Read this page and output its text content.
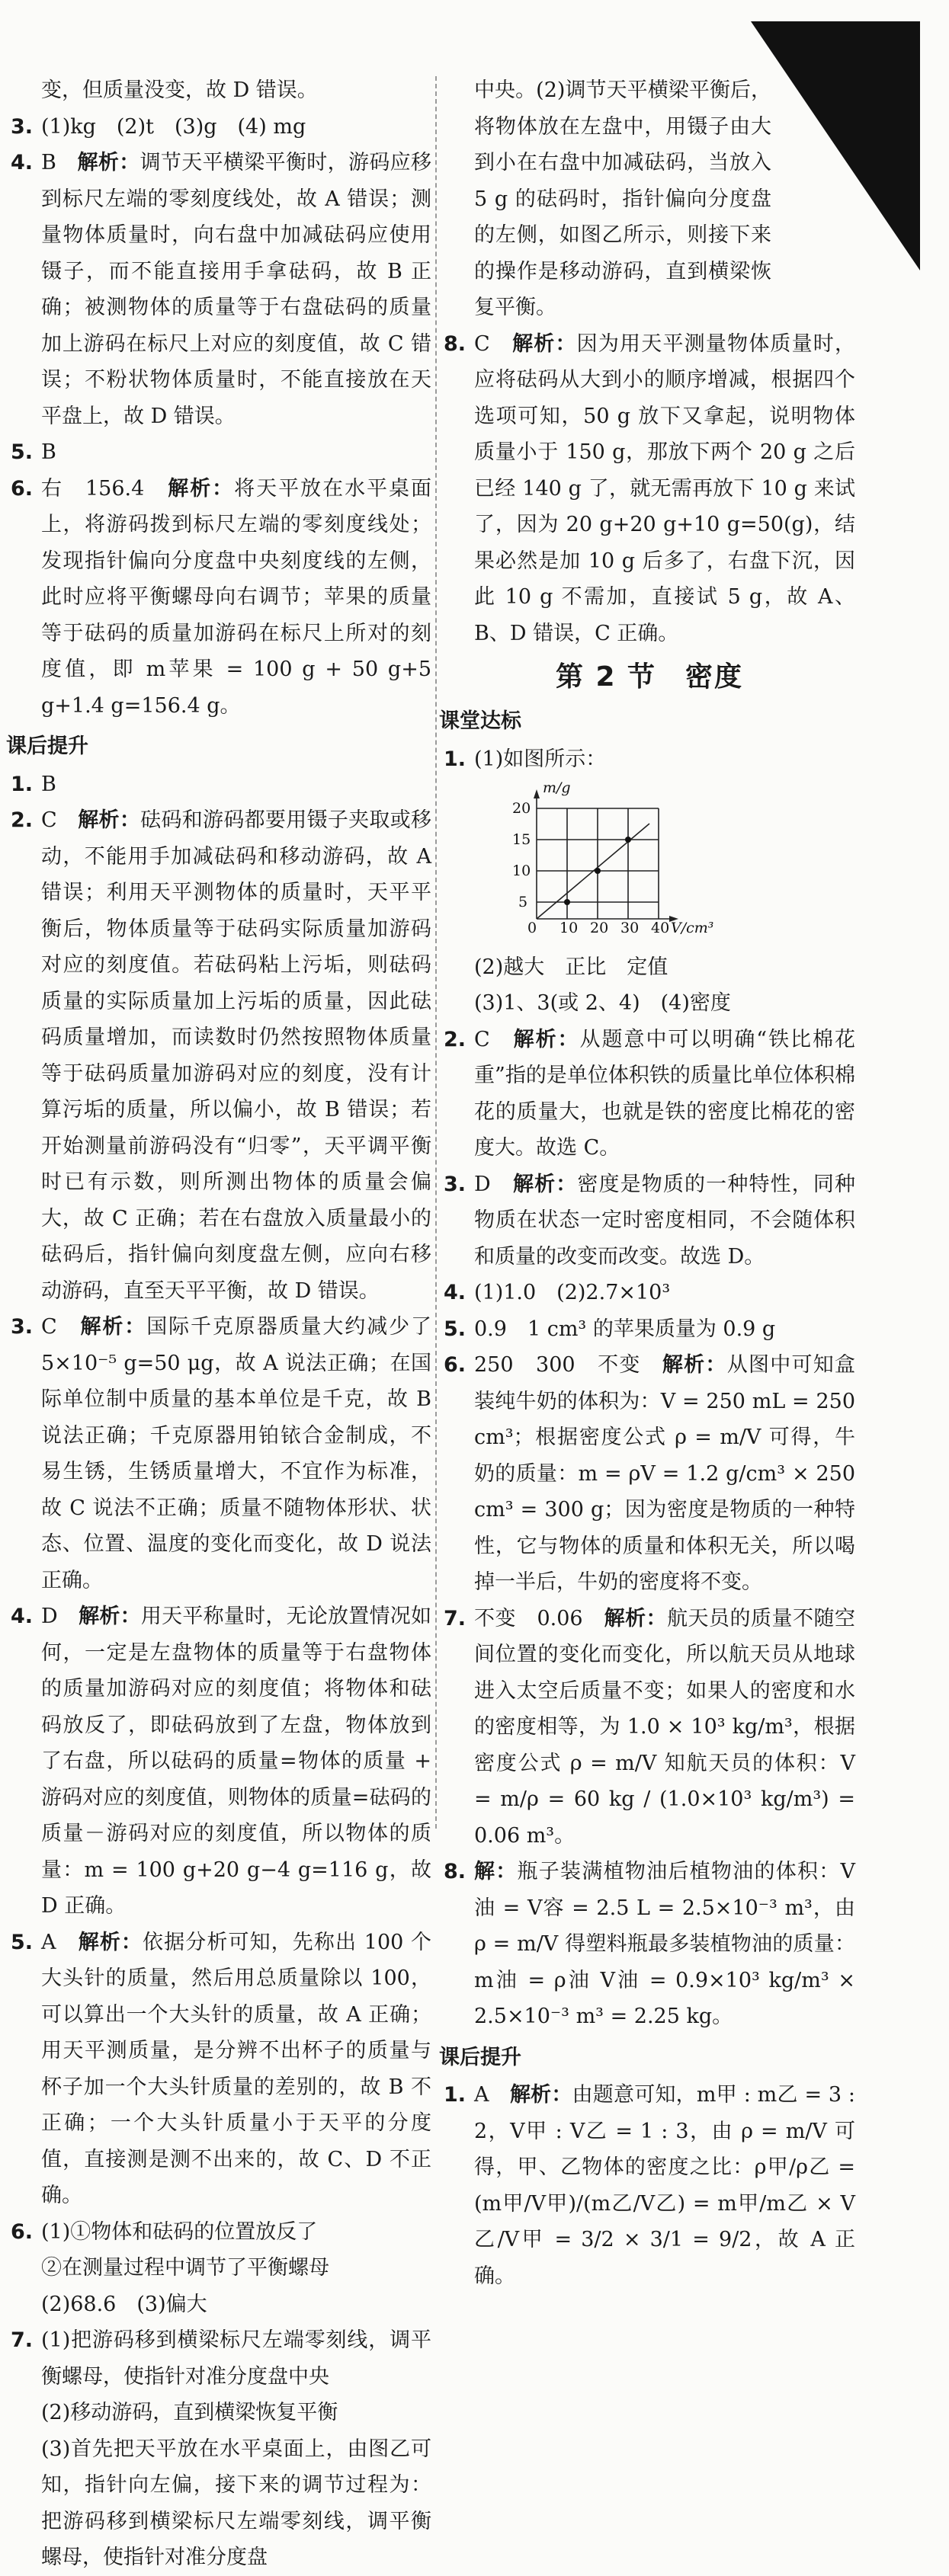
变，但质量没变，故 D 错误。
3. (1)kg　(2)t　(3)g　(4) mg
4. B　解析：调节天平横梁平衡时，游码应移到标尺左端的零刻度线处，故 A 错误；测量物体质量时，向右盘中加减砝码应使用镊子，而不能直接用手拿砝码，故 B 正确；被测物体的质量等于右盘砝码的质量加上游码在标尺上对应的刻度值，故 C 错误；不粉状物体质量时，不能直接放在天平盘上，故 D 错误。
5. B
6. 右　156.4　解析：将天平放在水平桌面上，将游码拨到标尺左端的零刻度线处；发现指针偏向分度盘中央刻度线的左侧，此时应将平衡螺母向右调节；苹果的质量等于砝码的质量加游码在标尺上所对的刻度值，即 m苹果 = 100 g + 50 g+5 g+1.4 g=156.4 g。
课后提升
1. B
2. C　解析：砝码和游码都要用镊子夹取或移动，不能用手加减砝码和移动游码，故 A 错误；利用天平测物体的质量时，天平平衡后，物体质量等于砝码实际质量加游码对应的刻度值。若砝码粘上污垢，则砝码质量的实际质量加上污垢的质量，因此砝码质量增加，而读数时仍然按照物体质量等于砝码质量加游码对应的刻度，没有计算污垢的质量，所以偏小，故 B 错误；若开始测量前游码没有“归零”，天平调平衡时已有示数，则所测出物体的质量会偏大，故 C 正确；若在右盘放入质量最小的砝码后，指针偏向刻度盘左侧，应向右移动游码，直至天平平衡，故 D 错误。
3. C　解析：国际千克原器质量大约减少了 5×10⁻⁵ g=50 μg，故 A 说法正确；在国际单位制中质量的基本单位是千克，故 B 说法正确；千克原器用铂铱合金制成，不易生锈，生锈质量增大，不宜作为标准，故 C 说法不正确；质量不随物体形状、状态、位置、温度的变化而变化，故 D 说法正确。
4. D　解析：用天平称量时，无论放置情况如何，一定是左盘物体的质量等于右盘物体的质量加游码对应的刻度值；将物体和砝码放反了，即砝码放到了左盘，物体放到了右盘，所以砝码的质量=物体的质量 + 游码对应的刻度值，则物体的质量=砝码的质量－游码对应的刻度值，所以物体的质量：m = 100 g+20 g−4 g=116 g，故 D 正确。
5. A　解析：依据分析可知，先称出 100 个大头针的质量，然后用总质量除以 100，可以算出一个大头针的质量，故 A 正确；用天平测质量，是分辨不出杯子的质量与杯子加一个大头针质量的差别的，故 B 不正确；一个大头针质量小于天平的分度值，直接测是测不出来的，故 C、D 不正确。
6. (1)①物体和砝码的位置放反了
②在测量过程中调节了平衡螺母
(2)68.6　(3)偏大
7. (1)把游码移到横梁标尺左端零刻线，调平衡螺母，使指针对准分度盘中央
(2)移动游码，直到横梁恢复平衡
(3)首先把天平放在水平桌面上，由图乙可知，指针向左偏，接下来的调节过程为：把游码移到横梁标尺左端零刻线，调平衡螺母，使指针对准分度盘
中央。(2)调节天平横梁平衡后，将物体放在左盘中，用镊子由大到小在右盘中加减砝码，当放入 5 g 的砝码时，指针偏向分度盘的左侧，如图乙所示，则接下来的操作是移动游码，直到横梁恢复平衡。
8. C　解析：因为用天平测量物体质量时，应将砝码从大到小的顺序增减，根据四个选项可知，50 g 放下又拿起，说明物体质量小于 150 g，那放下两个 20 g 之后已经 140 g 了，就无需再放下 10 g 来试了，因为 20 g+20 g+10 g=50(g)，结果必然是加 10 g 后多了，右盘下沉，因此 10 g 不需加，直接试 5 g，故 A、B、D 错误，C 正确。
第 2 节　密度
课堂达标
1. (1)如图所示：
m/g
20
15
10
5
0 10 20 30 40 V/cm³
(2)越大　正比　定值
(3)1、3(或 2、4)　(4)密度
2. C　解析：从题意中可以明确“铁比棉花重”指的是单位体积铁的质量比单位体积棉花的质量大，也就是铁的密度比棉花的密度大。故选 C。
3. D　解析：密度是物质的一种特性，同种物质在状态一定时密度相同，不会随体积和质量的改变而改变。故选 D。
4. (1)1.0　(2)2.7×10³
5. 0.9　1 cm³ 的苹果质量为 0.9 g
6. 250　300　不变　解析：从图中可知盒装纯牛奶的体积为：V = 250 mL = 250 cm³；根据密度公式 ρ = m/V 可得，牛奶的质量：m = ρV = 1.2 g/cm³ × 250 cm³ = 300 g；因为密度是物质的一种特性，它与物体的质量和体积无关，所以喝掉一半后，牛奶的密度将不变。
7. 不变　0.06　解析：航天员的质量不随空间位置的变化而变化，所以航天员从地球进入太空后质量不变；如果人的密度和水的密度相等，为 1.0 × 10³ kg/m³，根据密度公式 ρ = m/V 知航天员的体积：V = m/ρ = 60 kg / (1.0×10³ kg/m³) = 0.06 m³。
8. 解：瓶子装满植物油后植物油的体积：V油 = V容 = 2.5 L = 2.5×10⁻³ m³，由 ρ = m/V 得塑料瓶最多装植物油的质量：m油 = ρ油 V油 = 0.9×10³ kg/m³ × 2.5×10⁻³ m³ = 2.25 kg。
课后提升
1. A　解析：由题意可知，m甲 : m乙 = 3 : 2，V甲 : V乙 = 1 : 3，由 ρ = m/V 可得，甲、乙物体的密度之比：ρ甲/ρ乙 = (m甲/V甲)/(m乙/V乙) = m甲/m乙 × V乙/V甲 = 3/2 × 3/1 = 9/2，故 A 正确。
